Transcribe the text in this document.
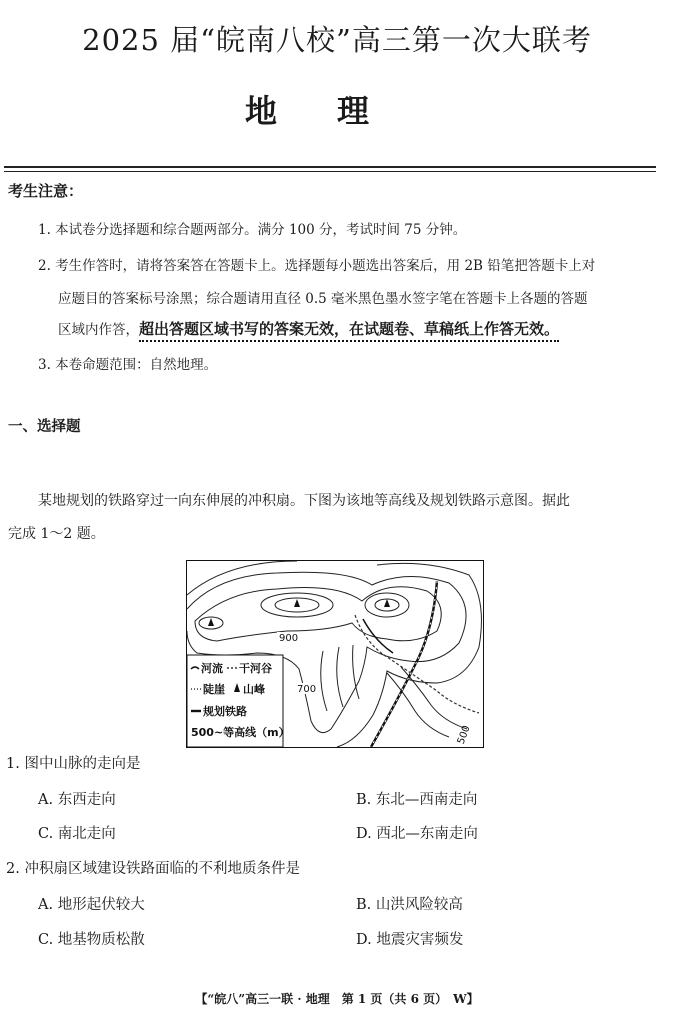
2025 届“皖南八校”高三第一次大联考
地理
考生注意：
1. 本试卷分选择题和综合题两部分。满分 100 分，考试时间 75 分钟。
2. 考生作答时，请将答案答在答题卡上。选择题每小题选出答案后，用 2B 铅笔把答题卡上对
应题目的答案标号涂黑；综合题请用直径 0.5 毫米黑色墨水签字笔在答题卡上各题的答题
区域内作答，超出答题区域书写的答案无效，在试题卷、草稿纸上作答无效。
3. 本卷命题范围：自然地理。
一、选择题
某地规划的铁路穿过一向东伸展的冲积扇。下图为该地等高线及规划铁路示意图。据此
完成 1～2 题。
900
700
500
河流 干河谷
陡崖 山峰
规划铁路
500~等高线（m）
1. 图中山脉的走向是
A. 东西走向	B. 东北—西南走向
C. 南北走向	D. 西北—东南走向
2. 冲积扇区域建设铁路面临的不利地质条件是
A. 地形起伏较大	B. 山洪风险较高
C. 地基物质松散	D. 地震灾害频发
【“皖八”高三一联 · 地理　第 1 页（共 6 页）　W】
